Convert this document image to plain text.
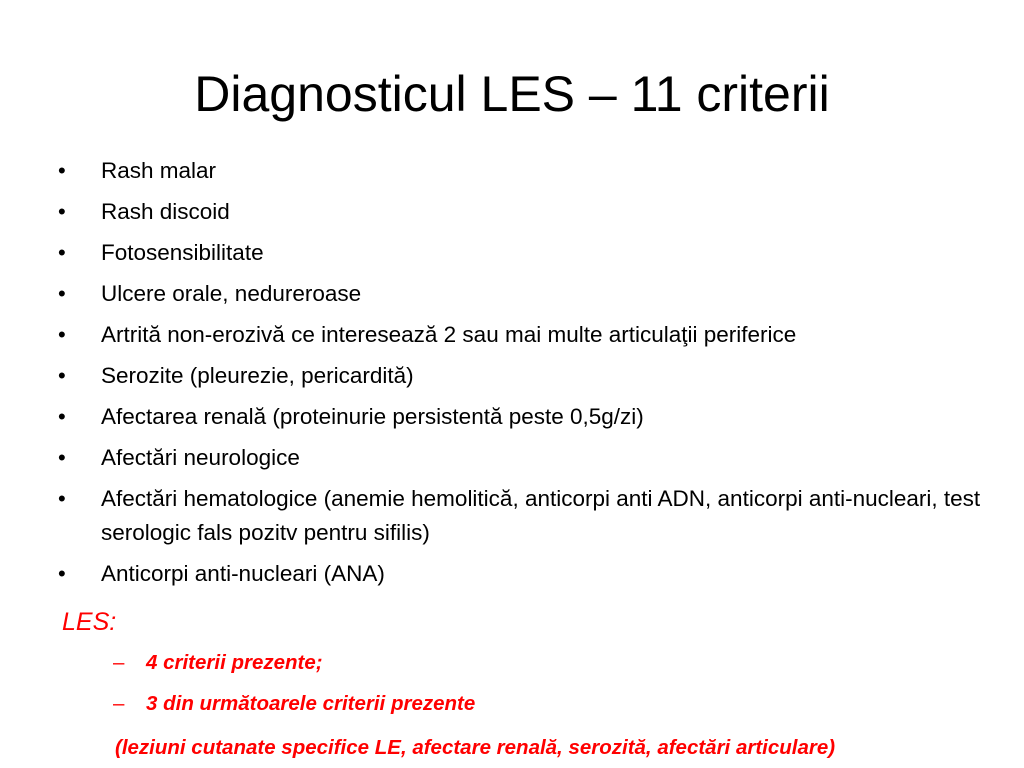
Diagnosticul LES – 11 criterii
•	Rash malar
•	Rash discoid
•	Fotosensibilitate
•	Ulcere orale, nedureroase
•	Artrită non-erozivă ce interesează 2 sau mai multe articulaţii periferice
•	Serozite (pleurezie, pericardită)
•	Afectarea renală (proteinurie persistentă peste 0,5g/zi)
•	Afectări neurologice
•	Afectări hematologice (anemie hemolitică, anticorpi anti ADN, anticorpi anti-nucleari, test serologic fals pozitv pentru sifilis)
•	Anticorpi anti-nucleari (ANA)
LES:
– 4 criterii prezente;
– 3 din următoarele criterii prezente
(leziuni cutanate specifice LE, afectare renală, serozită, afectări articulare)
